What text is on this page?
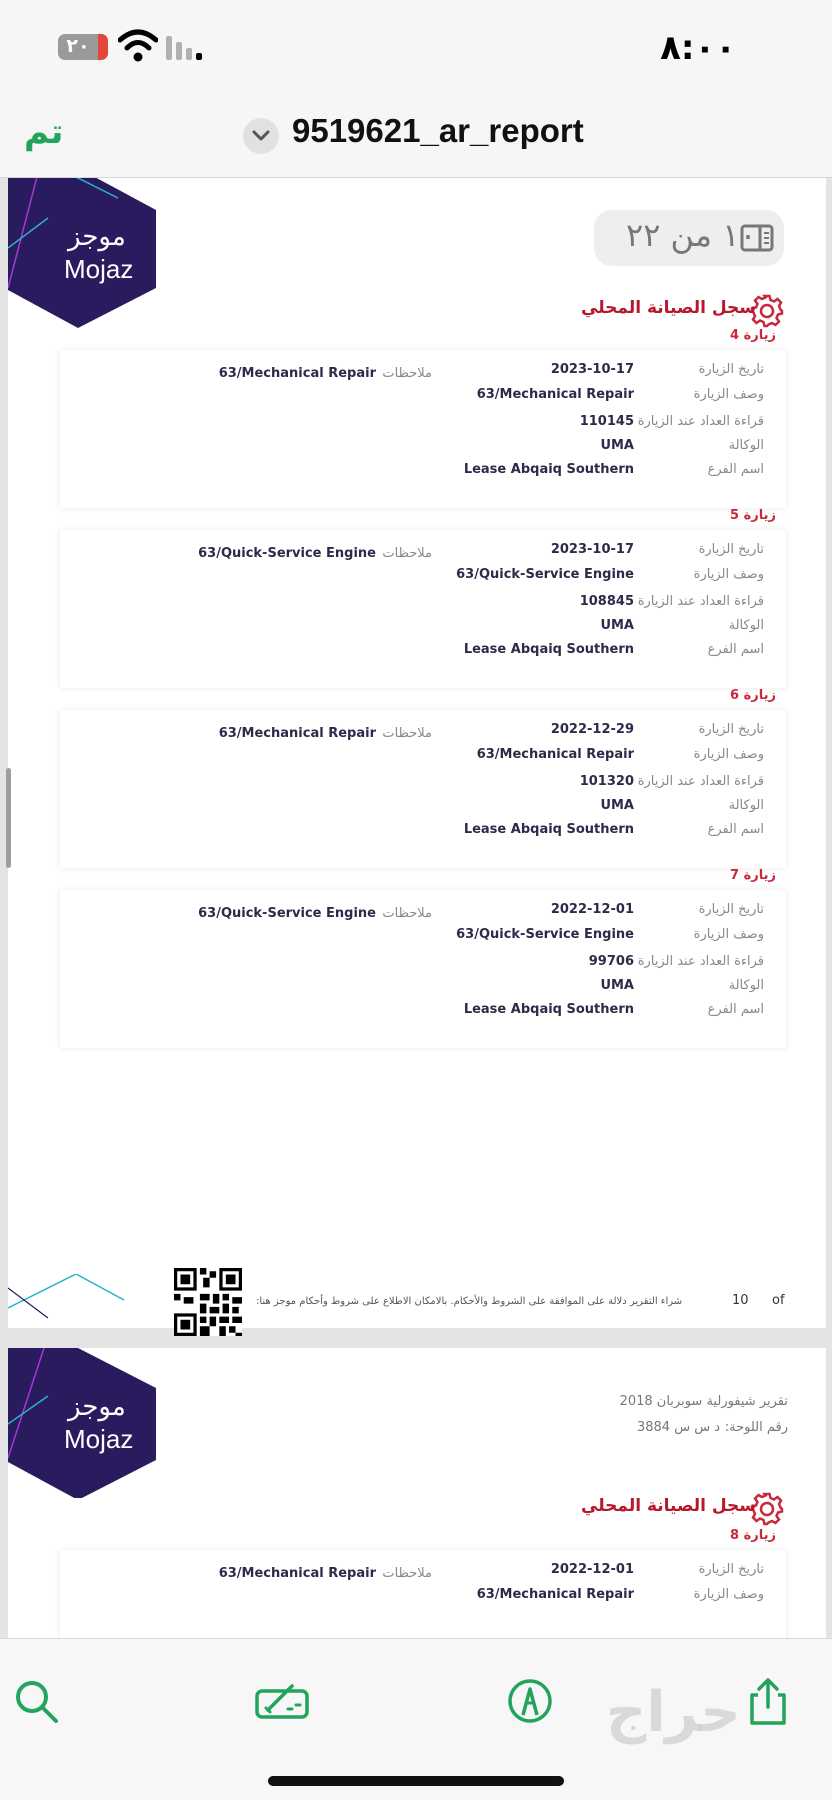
٢٠	٨:٠٠
تم	9519621_ar_report
موجز
Mojaz
١٠ من ٢٢
سجل الصيانة المحلي
زيارة 4
تاريخ الزيارة
2023-10-17
ملاحظات
63/Mechanical Repair
وصف الزيارة
63/Mechanical Repair
قراءة العداد عند الزيارة
110145
الوكالة
UMA
اسم الفرع
Lease Abqaiq Southern
زيارة 5
تاريخ الزيارة
2023-10-17
ملاحظات
63/Quick-Service Engine
وصف الزيارة
63/Quick-Service Engine
قراءة العداد عند الزيارة
108845
الوكالة
UMA
اسم الفرع
Lease Abqaiq Southern
زيارة 6
تاريخ الزيارة
2022-12-29
ملاحظات
63/Mechanical Repair
وصف الزيارة
63/Mechanical Repair
قراءة العداد عند الزيارة
101320
الوكالة
UMA
اسم الفرع
Lease Abqaiq Southern
زيارة 7
تاريخ الزيارة
2022-12-01
ملاحظات
63/Quick-Service Engine
وصف الزيارة
63/Quick-Service Engine
قراءة العداد عند الزيارة
99706
الوكالة
UMA
اسم الفرع
Lease Abqaiq Southern
شراء التقرير دلالة على الموافقة على الشروط والأحكام. بالامكان الاطلاع على شروط وأحكام موجز هنا:	10 of
موجز
Mojaz
تقرير شيفورلية سوبربان 2018
رقم اللوحة:
د س س 3884
سجل الصيانة المحلي
زيارة 8
تاريخ الزيارة
2022-12-01
ملاحظات
63/Mechanical Repair
وصف الزيارة
63/Mechanical Repair
حراج
